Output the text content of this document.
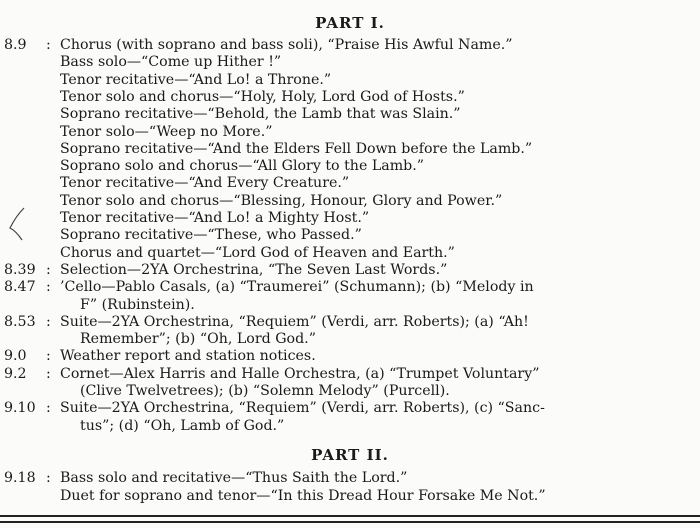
PART I.
8.9	: Chorus (with soprano and bass soli), “Praise His Awful Name.”
Bass solo—“Come up Hither !”
Tenor recitative—“And Lo! a Throne.”
Tenor solo and chorus—“Holy, Holy, Lord God of Hosts.”
Soprano recitative—“Behold, the Lamb that was Slain.”
Tenor solo—“Weep no More.”
Soprano recitative—“And the Elders Fell Down before the Lamb.”
Soprano solo and chorus—“All Glory to the Lamb.”
Tenor recitative—“And Every Creature.”
Tenor solo and chorus—“Blessing, Honour, Glory and Power.”
Tenor recitative—“And Lo! a Mighty Host.”
Soprano recitative—“These, who Passed.”
Chorus and quartet—“Lord God of Heaven and Earth.”
8.39 : Selection—2YA Orchestrina, “The Seven Last Words.”
8.47 : ’Cello—Pablo Casals, (a) “Traumerei” (Schumann); (b) “Melody in
F” (Rubinstein).
8.53 : Suite—2YA Orchestrina, “Requiem” (Verdi, arr. Roberts); (a) “Ah!
Remember”; (b) “Oh, Lord God.”
9.0	: Weather report and station notices.
9.2	: Cornet—Alex Harris and Halle Orchestra, (a) “Trumpet Voluntary”
(Clive Twelvetrees); (b) “Solemn Melody” (Purcell).
9.10 : Suite—2YA Orchestrina, “Requiem” (Verdi, arr. Roberts), (c) “Sanc-
tus”; (d) “Oh, Lamb of God.”
PART II.
9.18 : Bass solo and recitative—“Thus Saith the Lord.”
Duet for soprano and tenor—“In this Dread Hour Forsake Me Not.”
